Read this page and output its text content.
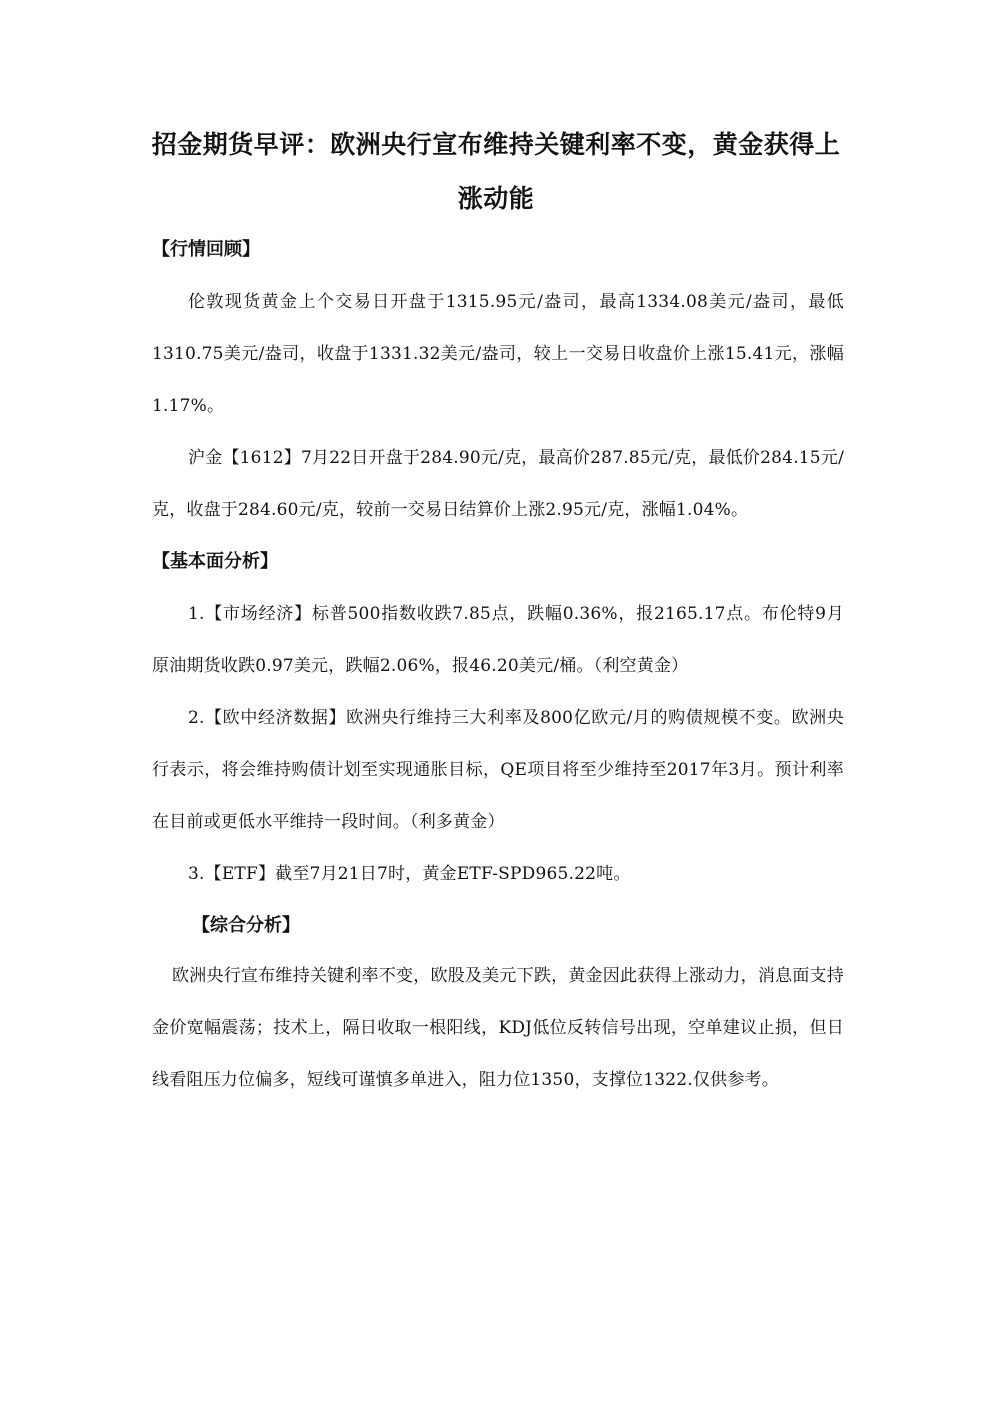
招金期货早评：欧洲央行宣布维持关键利率不变，黄金获得上涨动能
【行情回顾】

伦敦现货黄金上个交易日开盘于1315.95元/盎司，最高1334.08美元/盎司，最低1310.75美元/盎司，收盘于1331.32美元/盎司，较上一交易日收盘价上涨15.41元，涨幅1.17%。

沪金【1612】7月22日开盘于284.90元/克，最高价287.85元/克，最低价284.15元/克，收盘于284.60元/克，较前一交易日结算价上涨2.95元/克，涨幅1.04%。

【基本面分析】

1.【市场经济】标普500指数收跌7.85点，跌幅0.36%，报2165.17点。布伦特9月原油期货收跌0.97美元，跌幅2.06%，报46.20美元/桶。（利空黄金）

2.【欧中经济数据】欧洲央行维持三大利率及800亿欧元/月的购债规模不变。欧洲央行表示，将会维持购债计划至实现通胀目标，QE项目将至少维持至2017年3月。预计利率在目前或更低水平维持一段时间。（利多黄金）

3.【ETF】截至7月21日7时，黄金ETF-SPD965.22吨。

【综合分析】

欧洲央行宣布维持关键利率不变，欧股及美元下跌，黄金因此获得上涨动力，消息面支持金价宽幅震荡；技术上，隔日收取一根阳线，KDJ低位反转信号出现，空单建议止损，但日线看阻压力位偏多，短线可谨慎多单进入，阻力位1350，支撑位1322.仅供参考。
